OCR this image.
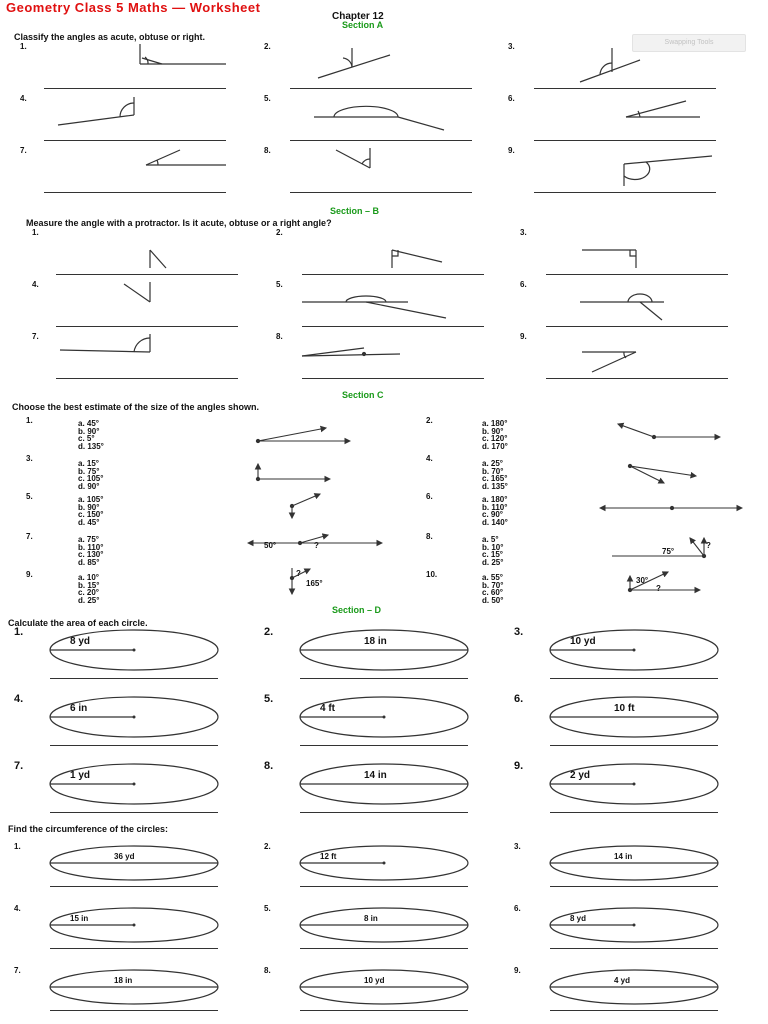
Geometry Class 5 Maths — Worksheet
Chapter 12
Swapping Tools
Section A
Classify the angles as acute, obtuse or right.
1.	2.	3.
4.	5.	6.
7.	8.	9.
Section – B
Measure the angle with a protractor. Is it acute, obtuse or a right angle?
1.	2.	3.
4.	5.	6.
7.	8.	9.
Section C
Choose the best estimate of the size of the angles shown.
1.	a. 45°
b. 90°
c. 5°
d. 135°
3.
a. 15°
b. 75°
c. 105°
d. 90°
5.	a. 105°
b. 90°
c. 150°
d. 45°
7.	a. 75°
b. 110°
c. 130°
d. 85°
9.	a. 10°
b. 15°
c. 20°
d. 25°
2.	a. 180°
b. 90°
c. 120°
d. 170°
4.
a. 25°
b. 70°
c. 165°
d. 135°
6.	a. 180°
b. 110°
c. 90°
d. 140°
8.	a. 5°
b. 10°
c. 15°
d. 25°
10.	a. 55°
b. 70°
c. 60°
d. 50°
50°	?
75°
?
165°
?
30°
?
Section – D
Calculate the area of each circle.
1.
8 yd
2.
18 in
3.
10 yd
4.
6 in
5.
4 ft
6.
10 ft
7.
1 yd
8.
14 in
9.
2 yd
Find the circumference of the circles:
1.
36 yd
2.
12 ft
3.
14 in
4.
15 in
5.
8 in
6.
8 yd
7.
18 in
8.
10 yd
9.
4 yd
